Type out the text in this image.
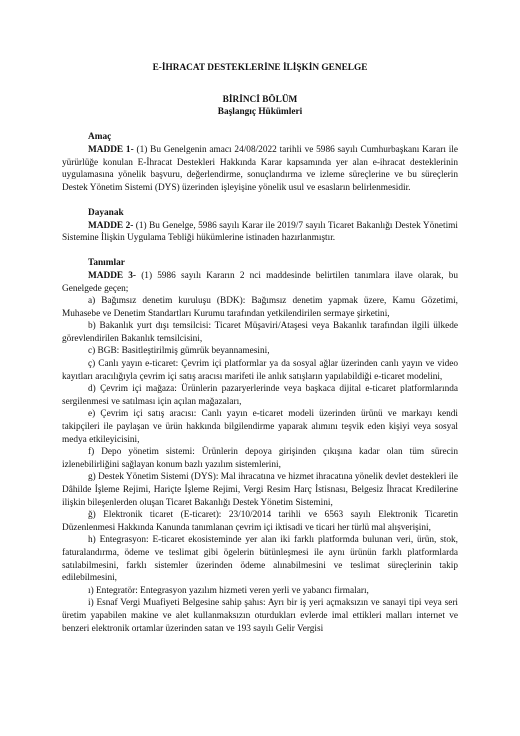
E-İHRACAT DESTEKLERİNE İLİŞKİN GENELGE
BİRİNCİ BÖLÜM
Başlangıç Hükümleri
Amaç

MADDE 1- (1) Bu Genelgenin amacı 24/08/2022 tarihli ve 5986 sayılı Cumhurbaşkanı Kararı ile yürürlüğe konulan E-İhracat Destekleri Hakkında Karar kapsamında yer alan e-ihracat desteklerinin uygulamasına yönelik başvuru, değerlendirme, sonuçlandırma ve izleme süreçlerine ve bu süreçlerin Destek Yönetim Sistemi (DYS) üzerinden işleyişine yönelik usul ve esasların belirlenmesidir.

Dayanak

MADDE 2- (1) Bu Genelge, 5986 sayılı Karar ile 2019/7 sayılı Ticaret Bakanlığı Destek Yönetimi Sistemine İlişkin Uygulama Tebliği hükümlerine istinaden hazırlanmıştır.

Tanımlar

MADDE 3- (1) 5986 sayılı Kararın 2 nci maddesinde belirtilen tanımlara ilave olarak, bu Genelgede geçen;

a) Bağımsız denetim kuruluşu (BDK): Bağımsız denetim yapmak üzere, Kamu Gözetimi, Muhasebe ve Denetim Standartları Kurumu tarafından yetkilendirilen sermaye şirketini,

b) Bakanlık yurt dışı temsilcisi: Ticaret Müşaviri/Ataşesi veya Bakanlık tarafından ilgili ülkede görevlendirilen Bakanlık temsilcisini,

c) BGB: Basitleştirilmiş gümrük beyannamesini,

ç) Canlı yayın e-ticaret: Çevrim içi platformlar ya da sosyal ağlar üzerinden canlı yayın ve video kayıtları aracılığıyla çevrim içi satış aracısı marifeti ile anlık satışların yapılabildiği e-ticaret modelini,

d) Çevrim içi mağaza: Ürünlerin pazaryerlerinde veya başkaca dijital e-ticaret platformlarında sergilenmesi ve satılması için açılan mağazaları,

e) Çevrim içi satış aracısı: Canlı yayın e-ticaret modeli üzerinden ürünü ve markayı kendi takipçileri ile paylaşan ve ürün hakkında bilgilendirme yaparak alımını teşvik eden kişiyi veya sosyal medya etkileyicisini,

f) Depo yönetim sistemi: Ürünlerin depoya girişinden çıkışına kadar olan tüm sürecin izlenebilirliğini sağlayan konum bazlı yazılım sistemlerini,

g) Destek Yönetim Sistemi (DYS): Mal ihracatına ve hizmet ihracatına yönelik devlet destekleri ile Dâhilde İşleme Rejimi, Hariçte İşleme Rejimi, Vergi Resim Harç İstisnası, Belgesiz İhracat Kredilerine ilişkin bileşenlerden oluşan Ticaret Bakanlığı Destek Yönetim Sistemini,

ğ) Elektronik ticaret (E-ticaret): 23/10/2014 tarihli ve 6563 sayılı Elektronik Ticaretin Düzenlenmesi Hakkında Kanunda tanımlanan çevrim içi iktisadi ve ticari her türlü mal alışverişini,

h) Entegrasyon: E-ticaret ekosisteminde yer alan iki farklı platformda bulunan veri, ürün, stok, faturalandırma, ödeme ve teslimat gibi ögelerin bütünleşmesi ile aynı ürünün farklı platformlarda satılabilmesini, farklı sistemler üzerinden ödeme alınabilmesini ve teslimat süreçlerinin takip edilebilmesini,

ı) Entegratör: Entegrasyon yazılım hizmeti veren yerli ve yabancı firmaları,

i) Esnaf Vergi Muafiyeti Belgesine sahip şahıs: Ayrı bir iş yeri açmaksızın ve sanayi tipi veya seri üretim yapabilen makine ve alet kullanmaksızın oturdukları evlerde imal ettikleri malları internet ve benzeri elektronik ortamlar üzerinden satan ve 193 sayılı Gelir Vergisi
